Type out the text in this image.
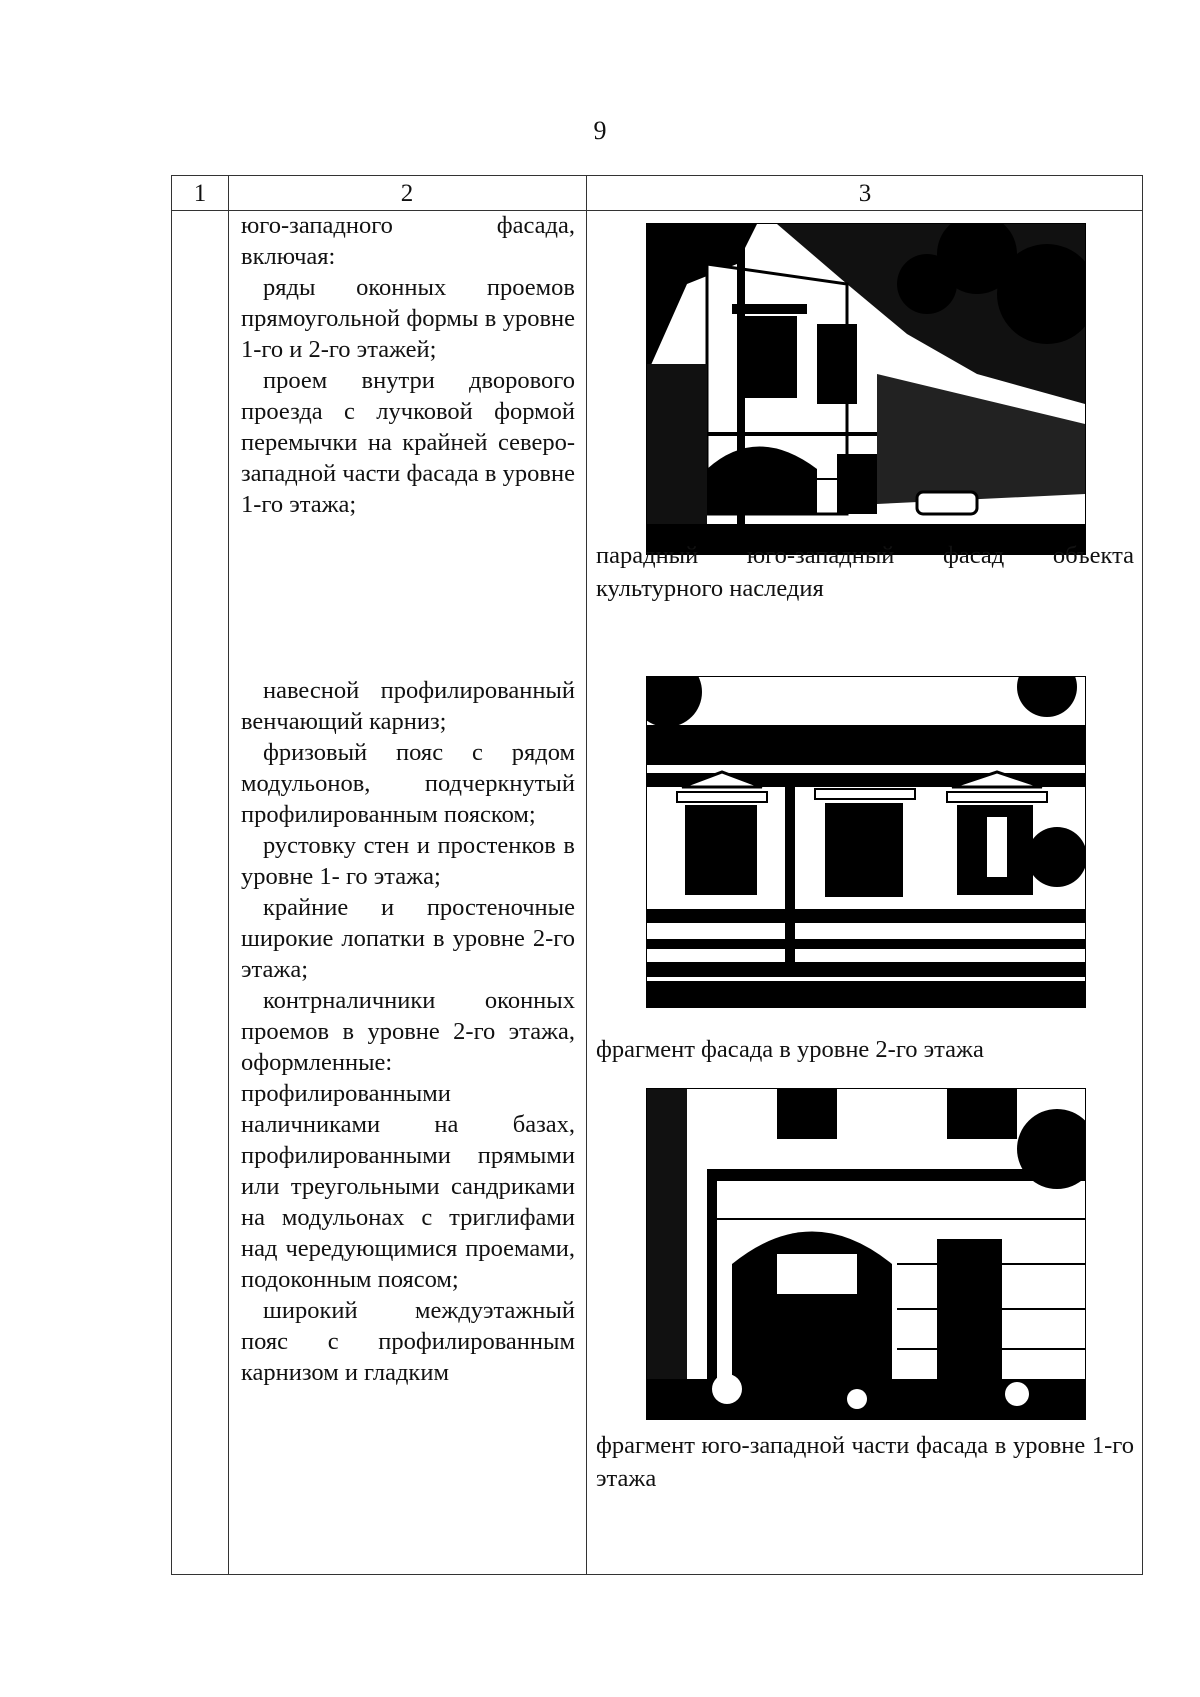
9
1	2	3

юго-западного фасада, включая:

ряды оконных проемов прямоугольной формы в уровне 1-го и 2-го этажей;

проем внутри дворового проезда с лучковой формой перемычки на крайней северо-западной части фасада в уровне 1-го этажа;

навесной профилированный венчающий карниз;

фризовый пояс с рядом модульонов, подчеркнутый профилированным пояском;

рустовку стен и простенков в уровне 1- го этажа;

крайние и простеночные широкие лопатки в уровне 2-го этажа;

контрналичники оконных проемов в уровне 2-го этажа, оформленные: профилированными наличниками на базах, профилированными прямыми или треугольными сандриками на модульонах с триглифами над чередующимися проемами, подоконным поясом;

широкий междуэтажный пояс с профилированным карнизом и гладким

парадный юго-западный фасад объекта культурного наследия
фрагмент фасада в уровне 2-го этажа
фрагмент юго-западной части фасада в уровне 1-го этажа
